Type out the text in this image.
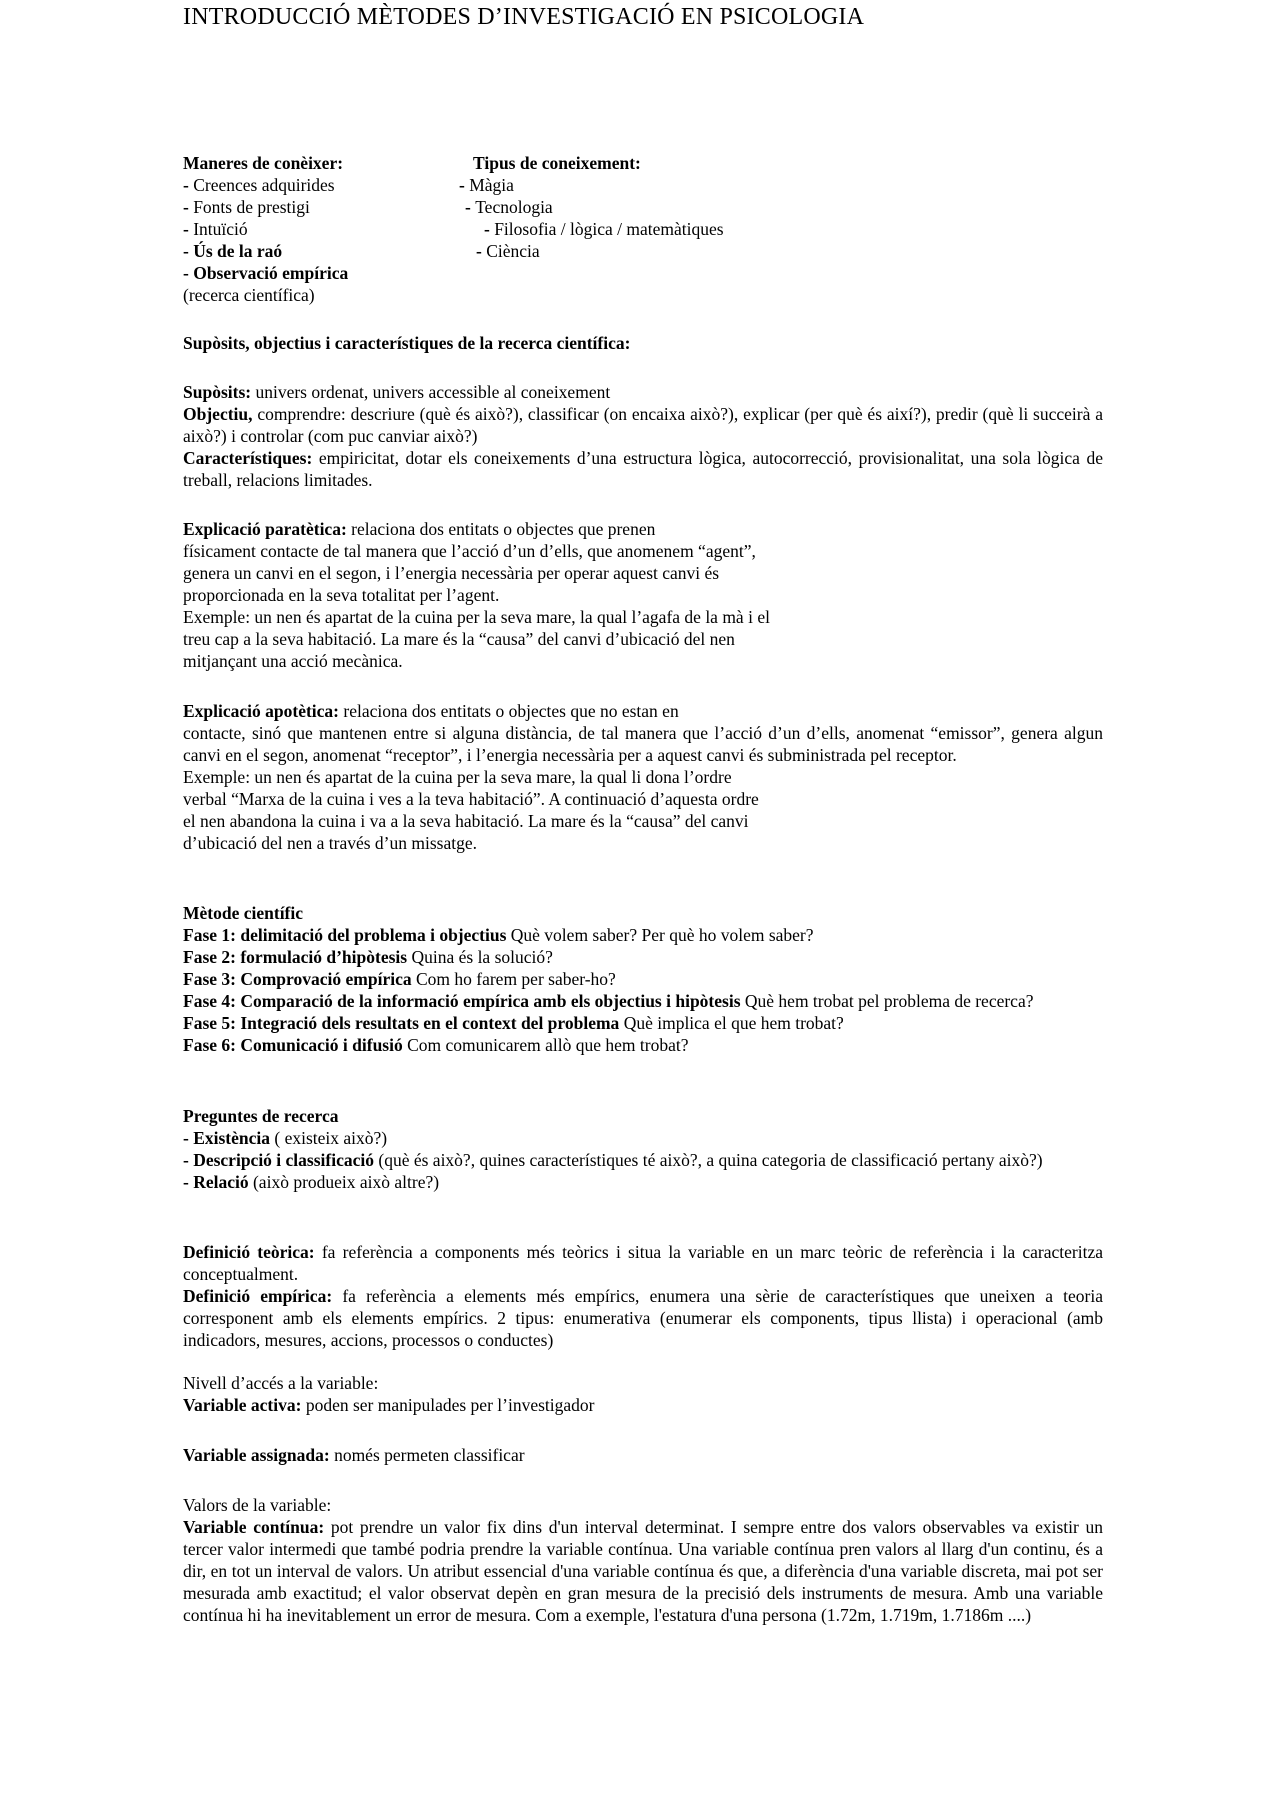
INTRODUCCIÓ MÈTODES D’INVESTIGACIÓ EN PSICOLOGIA
Maneres de conèixer:
- Creences adquirides
- Fonts de prestigi
- Intuïció
- Ús de la raó
- Observació empírica
(recerca científica)
Tipus de coneixement:
- Màgia
- Tecnologia
- Filosofia / lògica / matemàtiques
- Ciència
Supòsits, objectius i característiques de la recerca científica:
Supòsits: univers ordenat, univers accessible al coneixement
Objectiu, comprendre: descriure (què és això?), classificar (on encaixa això?), explicar (per què és així?), predir (què li succeirà a això?) i controlar (com puc canviar això?)
Característiques: empiricitat, dotar els coneixements d’una estructura lògica, autocorrecció, provisionalitat, una sola lògica de treball, relacions limitades.
Explicació paratètica: relaciona dos entitats o objectes que prenen
físicament contacte de tal manera que l’acció d’un d’ells, que anomenem “agent”,
genera un canvi en el segon, i l’energia necessària per operar aquest canvi és
proporcionada en la seva totalitat per l’agent.
Exemple: un nen és apartat de la cuina per la seva mare, la qual l’agafa de la mà i el
treu cap a la seva habitació. La mare és la “causa” del canvi d’ubicació del nen
mitjançant una acció mecànica.
Explicació apotètica: relaciona dos entitats o objectes que no estan en
contacte, sinó que mantenen entre si alguna distància, de tal manera que l’acció d’un d’ells, anomenat “emissor”, genera algun canvi en el segon, anomenat “receptor”, i l’energia necessària per a aquest canvi és subministrada pel receptor.
Exemple: un nen és apartat de la cuina per la seva mare, la qual li dona l’ordre
verbal “Marxa de la cuina i ves a la teva habitació”. A continuació d’aquesta ordre
el nen abandona la cuina i va a la seva habitació. La mare és la “causa” del canvi
d’ubicació del nen a través d’un missatge.
Mètode científic
Fase 1: delimitació del problema i objectius Què volem saber? Per què ho volem saber?
Fase 2: formulació d’hipòtesis Quina és la solució?
Fase 3: Comprovació empírica Com ho farem per saber-ho?
Fase 4: Comparació de la informació empírica amb els objectius i hipòtesis Què hem trobat pel problema de recerca?
Fase 5: Integració dels resultats en el context del problema Què implica el que hem trobat?
Fase 6: Comunicació i difusió Com comunicarem allò que hem trobat?
Preguntes de recerca
- Existència ( existeix això?)
- Descripció i classificació (què és això?, quines característiques té això?, a quina categoria de classificació pertany això?)
- Relació (això produeix això altre?)
Definició teòrica: fa referència a components més teòrics i situa la variable en un marc teòric de referència i la caracteritza conceptualment.
Definició empírica: fa referència a elements més empírics, enumera una sèrie de característiques que uneixen a teoria corresponent amb els elements empírics. 2 tipus: enumerativa (enumerar els components, tipus llista) i operacional (amb indicadors, mesures, accions, processos o conductes)
Nivell d’accés a la variable:
Variable activa: poden ser manipulades per l’investigador
Variable assignada: només permeten classificar
Valors de la variable:
Variable contínua: pot prendre un valor fix dins d'un interval determinat. I sempre entre dos valors observables va existir un tercer valor intermedi que també podria prendre la variable contínua. Una variable contínua pren valors al llarg d'un continu, és a dir, en tot un interval de valors. Un atribut essencial d'una variable contínua és que, a diferència d'una variable discreta, mai pot ser mesurada amb exactitud; el valor observat depèn en gran mesura de la precisió dels instruments de mesura. Amb una variable contínua hi ha inevitablement un error de mesura. Com a exemple, l'estatura d'una persona (1.72m, 1.719m, 1.7186m ....)
